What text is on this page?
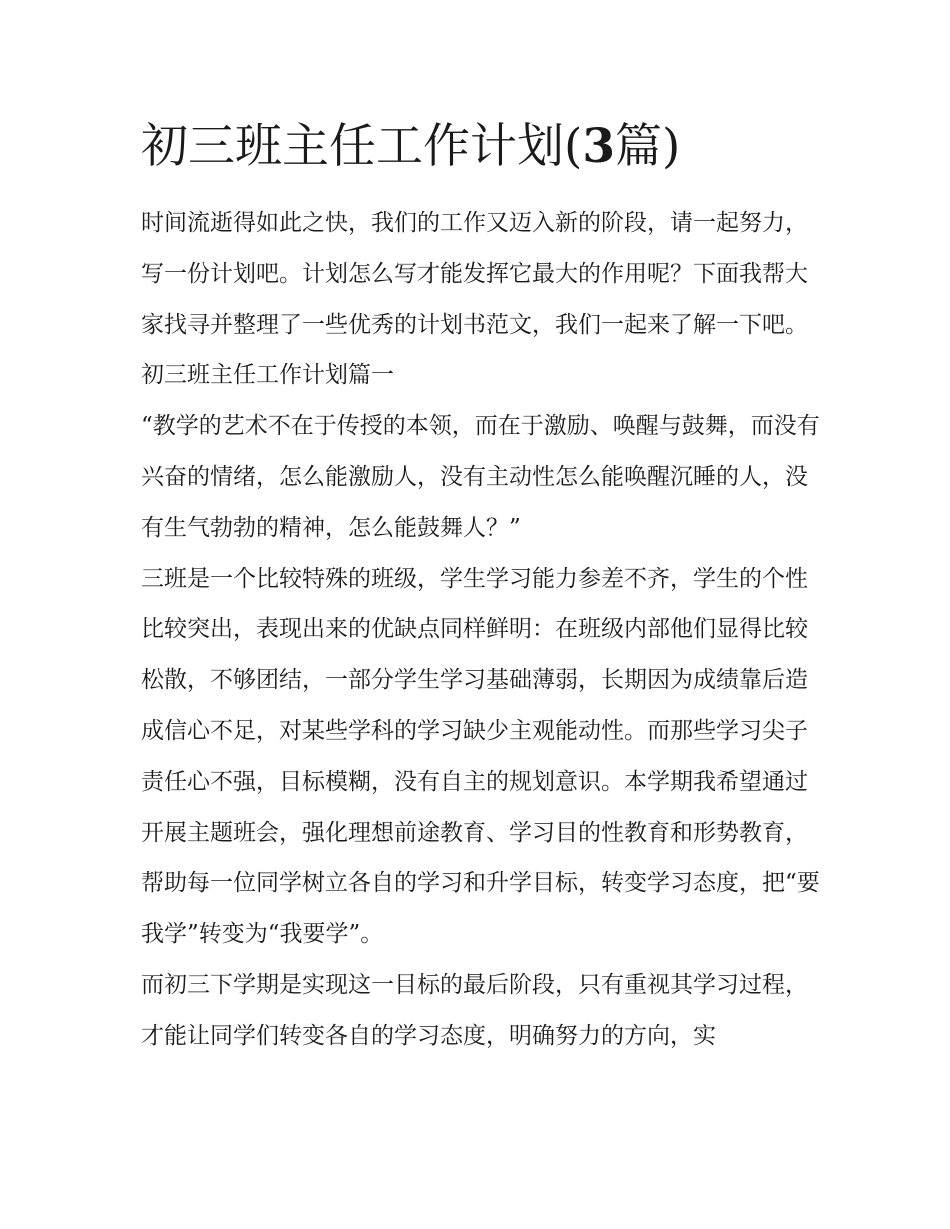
初三班主任工作计划(3篇)

时间流逝得如此之快，我们的工作又迈入新的阶段，请一起努力，写一份计划吧。计划怎么写才能发挥它最大的作用呢？下面我帮大家找寻并整理了一些优秀的计划书范文，我们一起来了解一下吧。

初三班主任工作计划篇一

“教学的艺术不在于传授的本领，而在于激励、唤醒与鼓舞，而没有兴奋的情绪，怎么能激励人，没有主动性怎么能唤醒沉睡的人，没有生气勃勃的精神，怎么能鼓舞人？”

三班是一个比较特殊的班级，学生学习能力参差不齐，学生的个性比较突出，表现出来的优缺点同样鲜明：在班级内部他们显得比较松散，不够团结，一部分学生学习基础薄弱，长期因为成绩靠后造成信心不足，对某些学科的学习缺少主观能动性。而那些学习尖子责任心不强，目标模糊，没有自主的规划意识。本学期我希望通过开展主题班会，强化理想前途教育、学习目的性教育和形势教育，帮助每一位同学树立各自的学习和升学目标，转变学习态度，把“要我学”转变为“我要学”。

而初三下学期是实现这一目标的最后阶段，只有重视其学习过程，才能让同学们转变各自的学习态度，明确努力的方向，实
